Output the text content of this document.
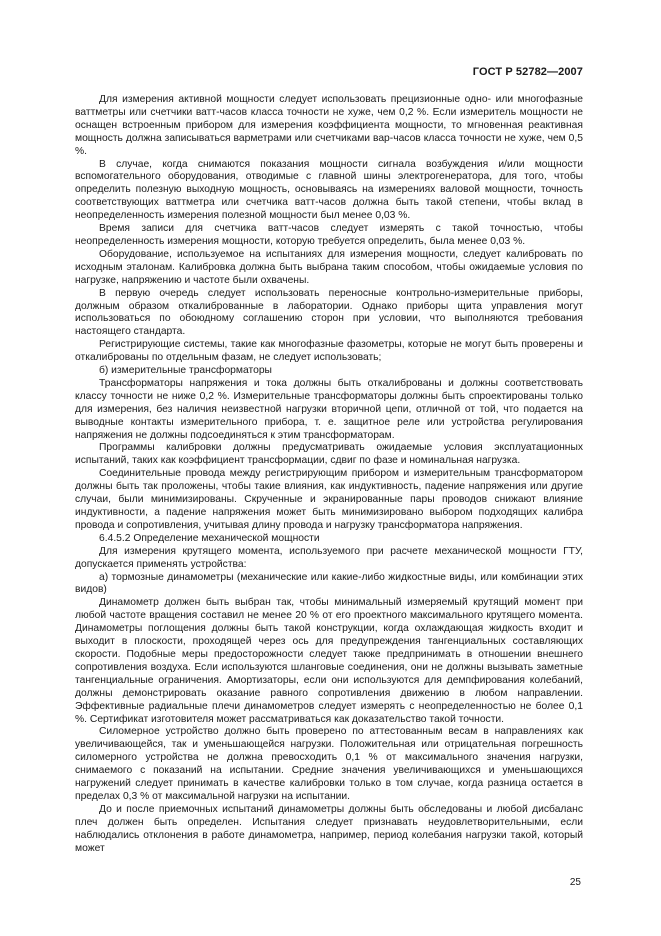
ГОСТ Р 52782—2007

Для измерения активной мощности следует использовать прецизионные одно- или многофазные ваттметры или счетчики ватт-часов класса точности не хуже, чем 0,2 %. Если измеритель мощности не оснащен встроенным прибором для измерения коэффициента мощности, то мгновенная реактивная мощность должна записываться варметрами или счетчиками вар-часов класса точности не хуже, чем 0,5 %.

В случае, когда снимаются показания мощности сигнала возбуждения и/или мощности вспомогательного оборудования, отводимые с главной шины электрогенератора, для того, чтобы определить полезную выходную мощность, основываясь на измерениях валовой мощности, точность соответствующих ваттметра или счетчика ватт-часов должна быть такой степени, чтобы вклад в неопределенность измерения полезной мощности был менее 0,03 %.

Время записи для счетчика ватт-часов следует измерять с такой точностью, чтобы неопределенность измерения мощности, которую требуется определить, была менее 0,03 %.

Оборудование, используемое на испытаниях для измерения мощности, следует калибровать по исходным эталонам. Калибровка должна быть выбрана таким способом, чтобы ожидаемые условия по нагрузке, напряжению и частоте были охвачены.

В первую очередь следует использовать переносные контрольно-измерительные приборы, должным образом откалиброванные в лаборатории. Однако приборы щита управления могут использоваться по обоюдному соглашению сторон при условии, что выполняются требования настоящего стандарта.

Регистрирующие системы, такие как многофазные фазометры, которые не могут быть проверены и откалиброваны по отдельным фазам, не следует использовать;

б) измерительные трансформаторы

Трансформаторы напряжения и тока должны быть откалиброваны и должны соответствовать классу точности не ниже 0,2 %. Измерительные трансформаторы должны быть спроектированы только для измерения, без наличия неизвестной нагрузки вторичной цепи, отличной от той, что подается на выводные контакты измерительного прибора, т. е. защитное реле или устройства регулирования напряжения не должны подсоединяться к этим трансформаторам.

Программы калибровки должны предусматривать ожидаемые условия эксплуатационных испытаний, таких как коэффициент трансформации, сдвиг по фазе и номинальная нагрузка.

Соединительные провода между регистрирующим прибором и измерительным трансформатором должны быть так проложены, чтобы такие влияния, как индуктивность, падение напряжения или другие случаи, были минимизированы. Скрученные и экранированные пары проводов снижают влияние индуктивности, а падение напряжения может быть минимизировано выбором подходящих калибра провода и сопротивления, учитывая длину провода и нагрузку трансформатора напряжения.

6.4.5.2 Определение механической мощности

Для измерения крутящего момента, используемого при расчете механической мощности ГТУ, допускается применять устройства:

а) тормозные динамометры (механические или какие-либо жидкостные виды, или комбинации этих видов)

Динамометр должен быть выбран так, чтобы минимальный измеряемый крутящий момент при любой частоте вращения составил не менее 20 % от его проектного максимального крутящего момента. Динамометры поглощения должны быть такой конструкции, когда охлаждающая жидкость входит и выходит в плоскости, проходящей через ось для предупреждения тангенциальных составляющих скорости. Подобные меры предосторожности следует также предпринимать в отношении внешнего сопротивления воздуха. Если используются шланговые соединения, они не должны вызывать заметные тангенциальные ограничения. Амортизаторы, если они используются для демпфирования колебаний, должны демонстрировать оказание равного сопротивления движению в любом направлении. Эффективные радиальные плечи динамометров следует измерять с неопределенностью не более 0,1 %. Сертификат изготовителя может рассматриваться как доказательство такой точности.

Силомерное устройство должно быть проверено по аттестованным весам в направлениях как увеличивающейся, так и уменьшающейся нагрузки. Положительная или отрицательная погрешность силомерного устройства не должна превосходить 0,1 % от максимального значения нагрузки, снимаемого с показаний на испытании. Средние значения увеличивающихся и уменьшающихся нагружений следует принимать в качестве калибровки только в том случае, когда разница остается в пределах 0,3 % от максимальной нагрузки на испытании.

До и после приемочных испытаний динамометры должны быть обследованы и любой дисбаланс плеч должен быть определен. Испытания следует признавать неудовлетворительными, если наблюдались отклонения в работе динамометра, например, период колебания нагрузки такой, который может

25
